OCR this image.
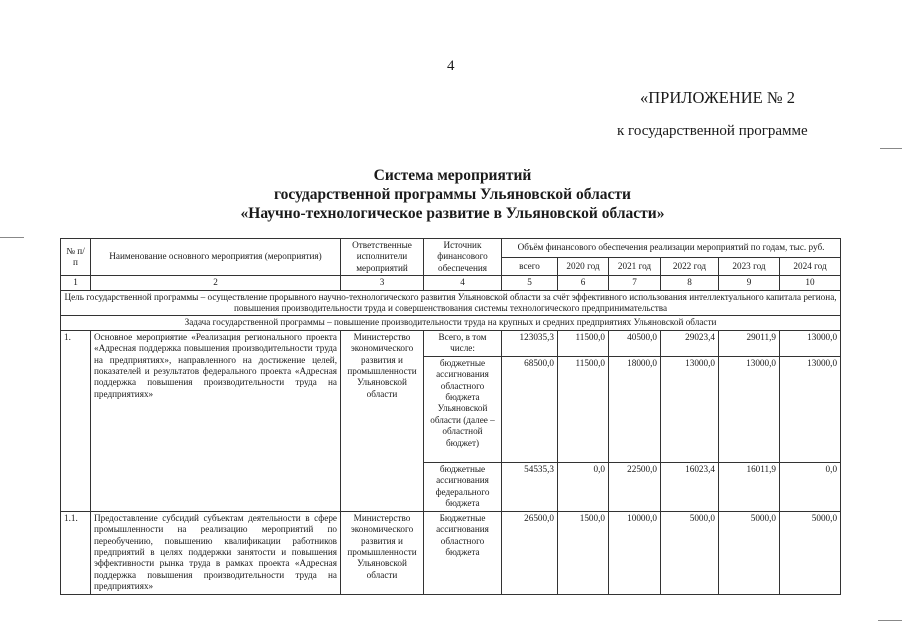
4
«ПРИЛОЖЕНИЕ № 2
к государственной программе
Система мероприятий
государственной программы Ульяновской области
«Научно-технологическое развитие в Ульяновской области»
№ п/п	Наименование основного мероприятия (мероприятия)	Ответственные исполнители мероприятий	Источник финансового обеспечения	Объём финансового обеспечения реализации мероприятий по годам, тыс. руб.					
				всего	2020 год	2021 год	2022 год	2023 год	2024 год
1	2	3	4	5	6	7	8	9	10
Цель государственной программы – осуществление прорывного научно-технологического развития Ульяновской области за счёт эффективного использования интеллектуального капитала региона, повышения производительности труда и совершенствования системы технологического предпринимательства									
Задача государственной программы – повышение производительности труда на крупных и средних предприятиях Ульяновской области									
1.	Основное мероприятие «Реализация регионального проекта «Адресная поддержка повышения производительности труда на предприятиях», направленного на достижение целей, показателей и результатов федерального проекта «Адресная поддержка повышения производительности труда на предприятиях»	Министерство экономического развития и промышленности Ульяновской области	Всего, в том числе:	123035,3	11500,0	40500,0	29023,4	29011,9	13000,0
			бюджетные ассигнования областного бюджета Ульяновской области (далее – областной бюджет)	68500,0	11500,0	18000,0	13000,0	13000,0	13000,0
			бюджетные ассигнования федерального бюджета	54535,3	0,0	22500,0	16023,4	16011,9	0,0
1.1.	Предоставление субсидий субъектам деятельности в сфере промышленности на реализацию мероприятий по переобучению, повышению квалификации работников предприятий в целях поддержки занятости и повышения эффективности рынка труда в рамках проекта «Адресная поддержка повышения производительности труда на предприятиях»	Министерство экономического развития и промышленности Ульяновской области	Бюджетные ассигнования областного бюджета	26500,0	1500,0	10000,0	5000,0	5000,0	5000,0
